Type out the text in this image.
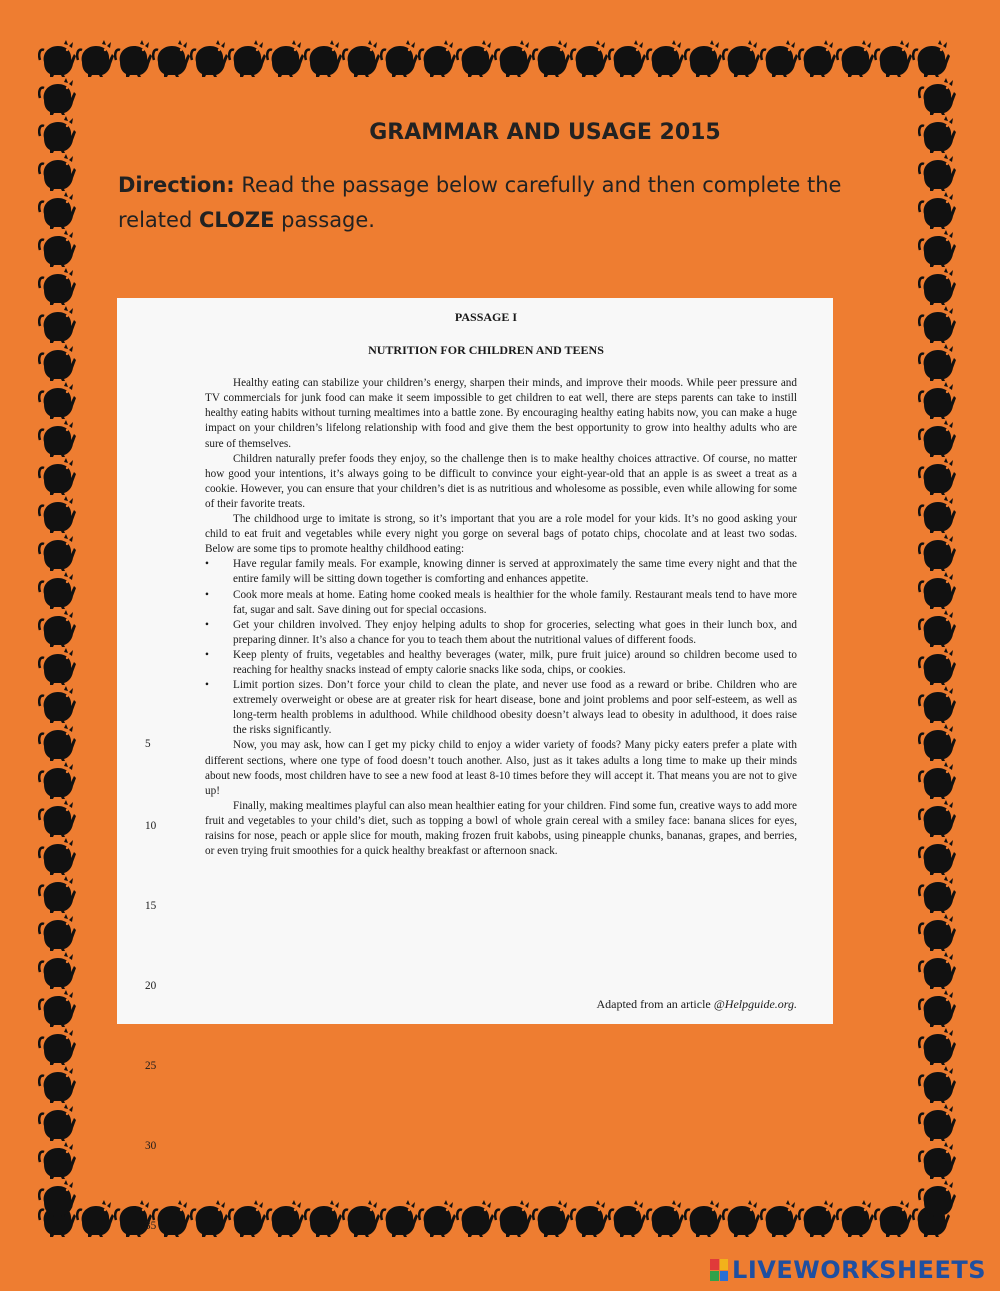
GRAMMAR AND USAGE 2015
Direction: Read the passage below carefully and then complete the related CLOZE passage.
PASSAGE I
NUTRITION FOR CHILDREN AND TEENS
5
10
15
20
25
30
35

Healthy eating can stabilize your children’s energy, sharpen their minds, and improve their moods. While peer pressure and TV commercials for junk food can make it seem impossible to get children to eat well, there are steps parents can take to instill healthy eating habits without turning mealtimes into a battle zone. By encouraging healthy eating habits now, you can make a huge impact on your children’s lifelong relationship with food and give them the best opportunity to grow into healthy adults who are sure of themselves.

Children naturally prefer foods they enjoy, so the challenge then is to make healthy choices attractive. Of course, no matter how good your intentions, it’s always going to be difficult to convince your eight-year-old that an apple is as sweet a treat as a cookie. However, you can ensure that your children’s diet is as nutritious and wholesome as possible, even while allowing for some of their favorite treats.

The childhood urge to imitate is strong, so it’s important that you are a role model for your kids. It’s no good asking your child to eat fruit and vegetables while every night you gorge on several bags of potato chips, chocolate and at least two sodas. Below are some tips to promote healthy childhood eating:

• Have regular family meals. For example, knowing dinner is served at approximately the same time every night and that the entire family will be sitting down together is comforting and enhances appetite.

• Cook more meals at home. Eating home cooked meals is healthier for the whole family. Restaurant meals tend to have more fat, sugar and salt. Save dining out for special occasions.

• Get your children involved. They enjoy helping adults to shop for groceries, selecting what goes in their lunch box, and preparing dinner. It’s also a chance for you to teach them about the nutritional values of different foods.

• Keep plenty of fruits, vegetables and healthy beverages (water, milk, pure fruit juice) around so children become used to reaching for healthy snacks instead of empty calorie snacks like soda, chips, or cookies.

• Limit portion sizes. Don’t force your child to clean the plate, and never use food as a reward or bribe. Children who are extremely overweight or obese are at greater risk for heart disease, bone and joint problems and poor self-esteem, as well as long-term health problems in adulthood. While childhood obesity doesn’t always lead to obesity in adulthood, it does raise the risks significantly.

Now, you may ask, how can I get my picky child to enjoy a wider variety of foods? Many picky eaters prefer a plate with different sections, where one type of food doesn’t touch another. Also, just as it takes adults a long time to make up their minds about new foods, most children have to see a new food at least 8-10 times before they will accept it. That means you are not to give up!

Finally, making mealtimes playful can also mean healthier eating for your children. Find some fun, creative ways to add more fruit and vegetables to your child’s diet, such as topping a bowl of whole grain cereal with a smiley face: banana slices for eyes, raisins for nose, peach or apple slice for mouth, making frozen fruit kabobs, using pineapple chunks, bananas, grapes, and berries, or even trying fruit smoothies for a quick healthy breakfast or afternoon snack.

Adapted from an article @Helpguide.org.
LIVEWORKSHEETS
